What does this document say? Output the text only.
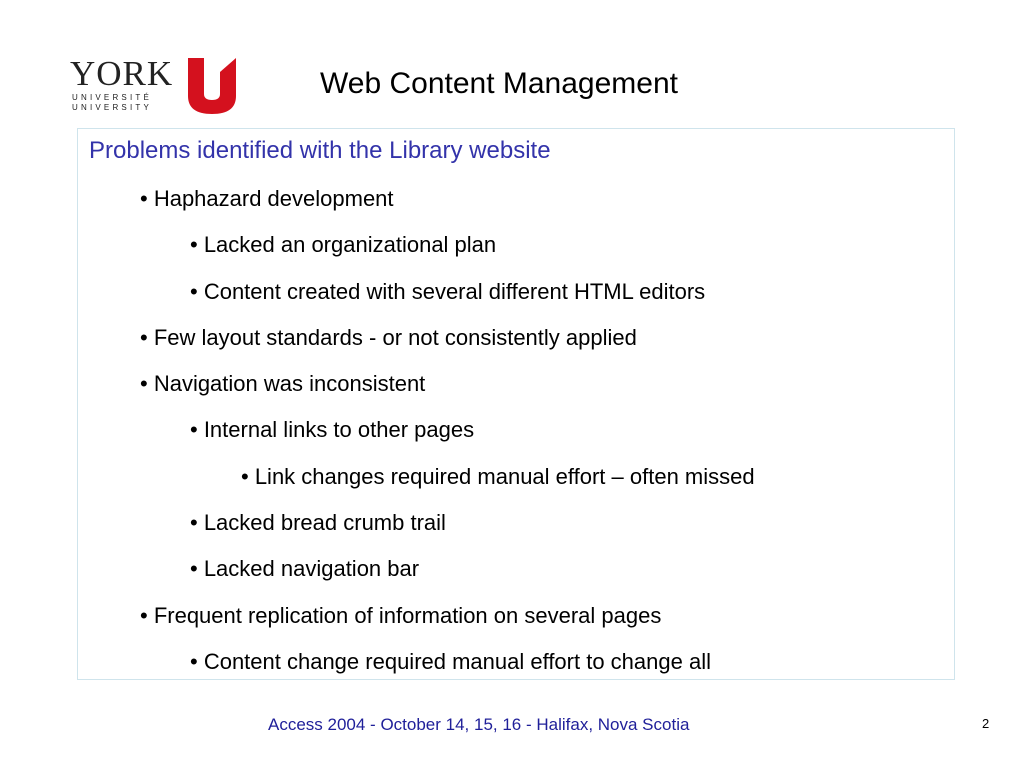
YORK
UNIVERSITÉ
UNIVERSITY
Web Content Management
Problems identified with the Library website
• Haphazard development
• Lacked an organizational plan
• Content created with several different HTML editors
• Few layout standards - or not consistently applied
• Navigation was inconsistent
• Internal links to other pages
• Link changes required manual effort – often missed
• Lacked bread crumb trail
• Lacked navigation bar
• Frequent replication of information on several pages
• Content change required manual effort to change all
Access 2004 - October 14, 15, 16 - Halifax, Nova Scotia	2
